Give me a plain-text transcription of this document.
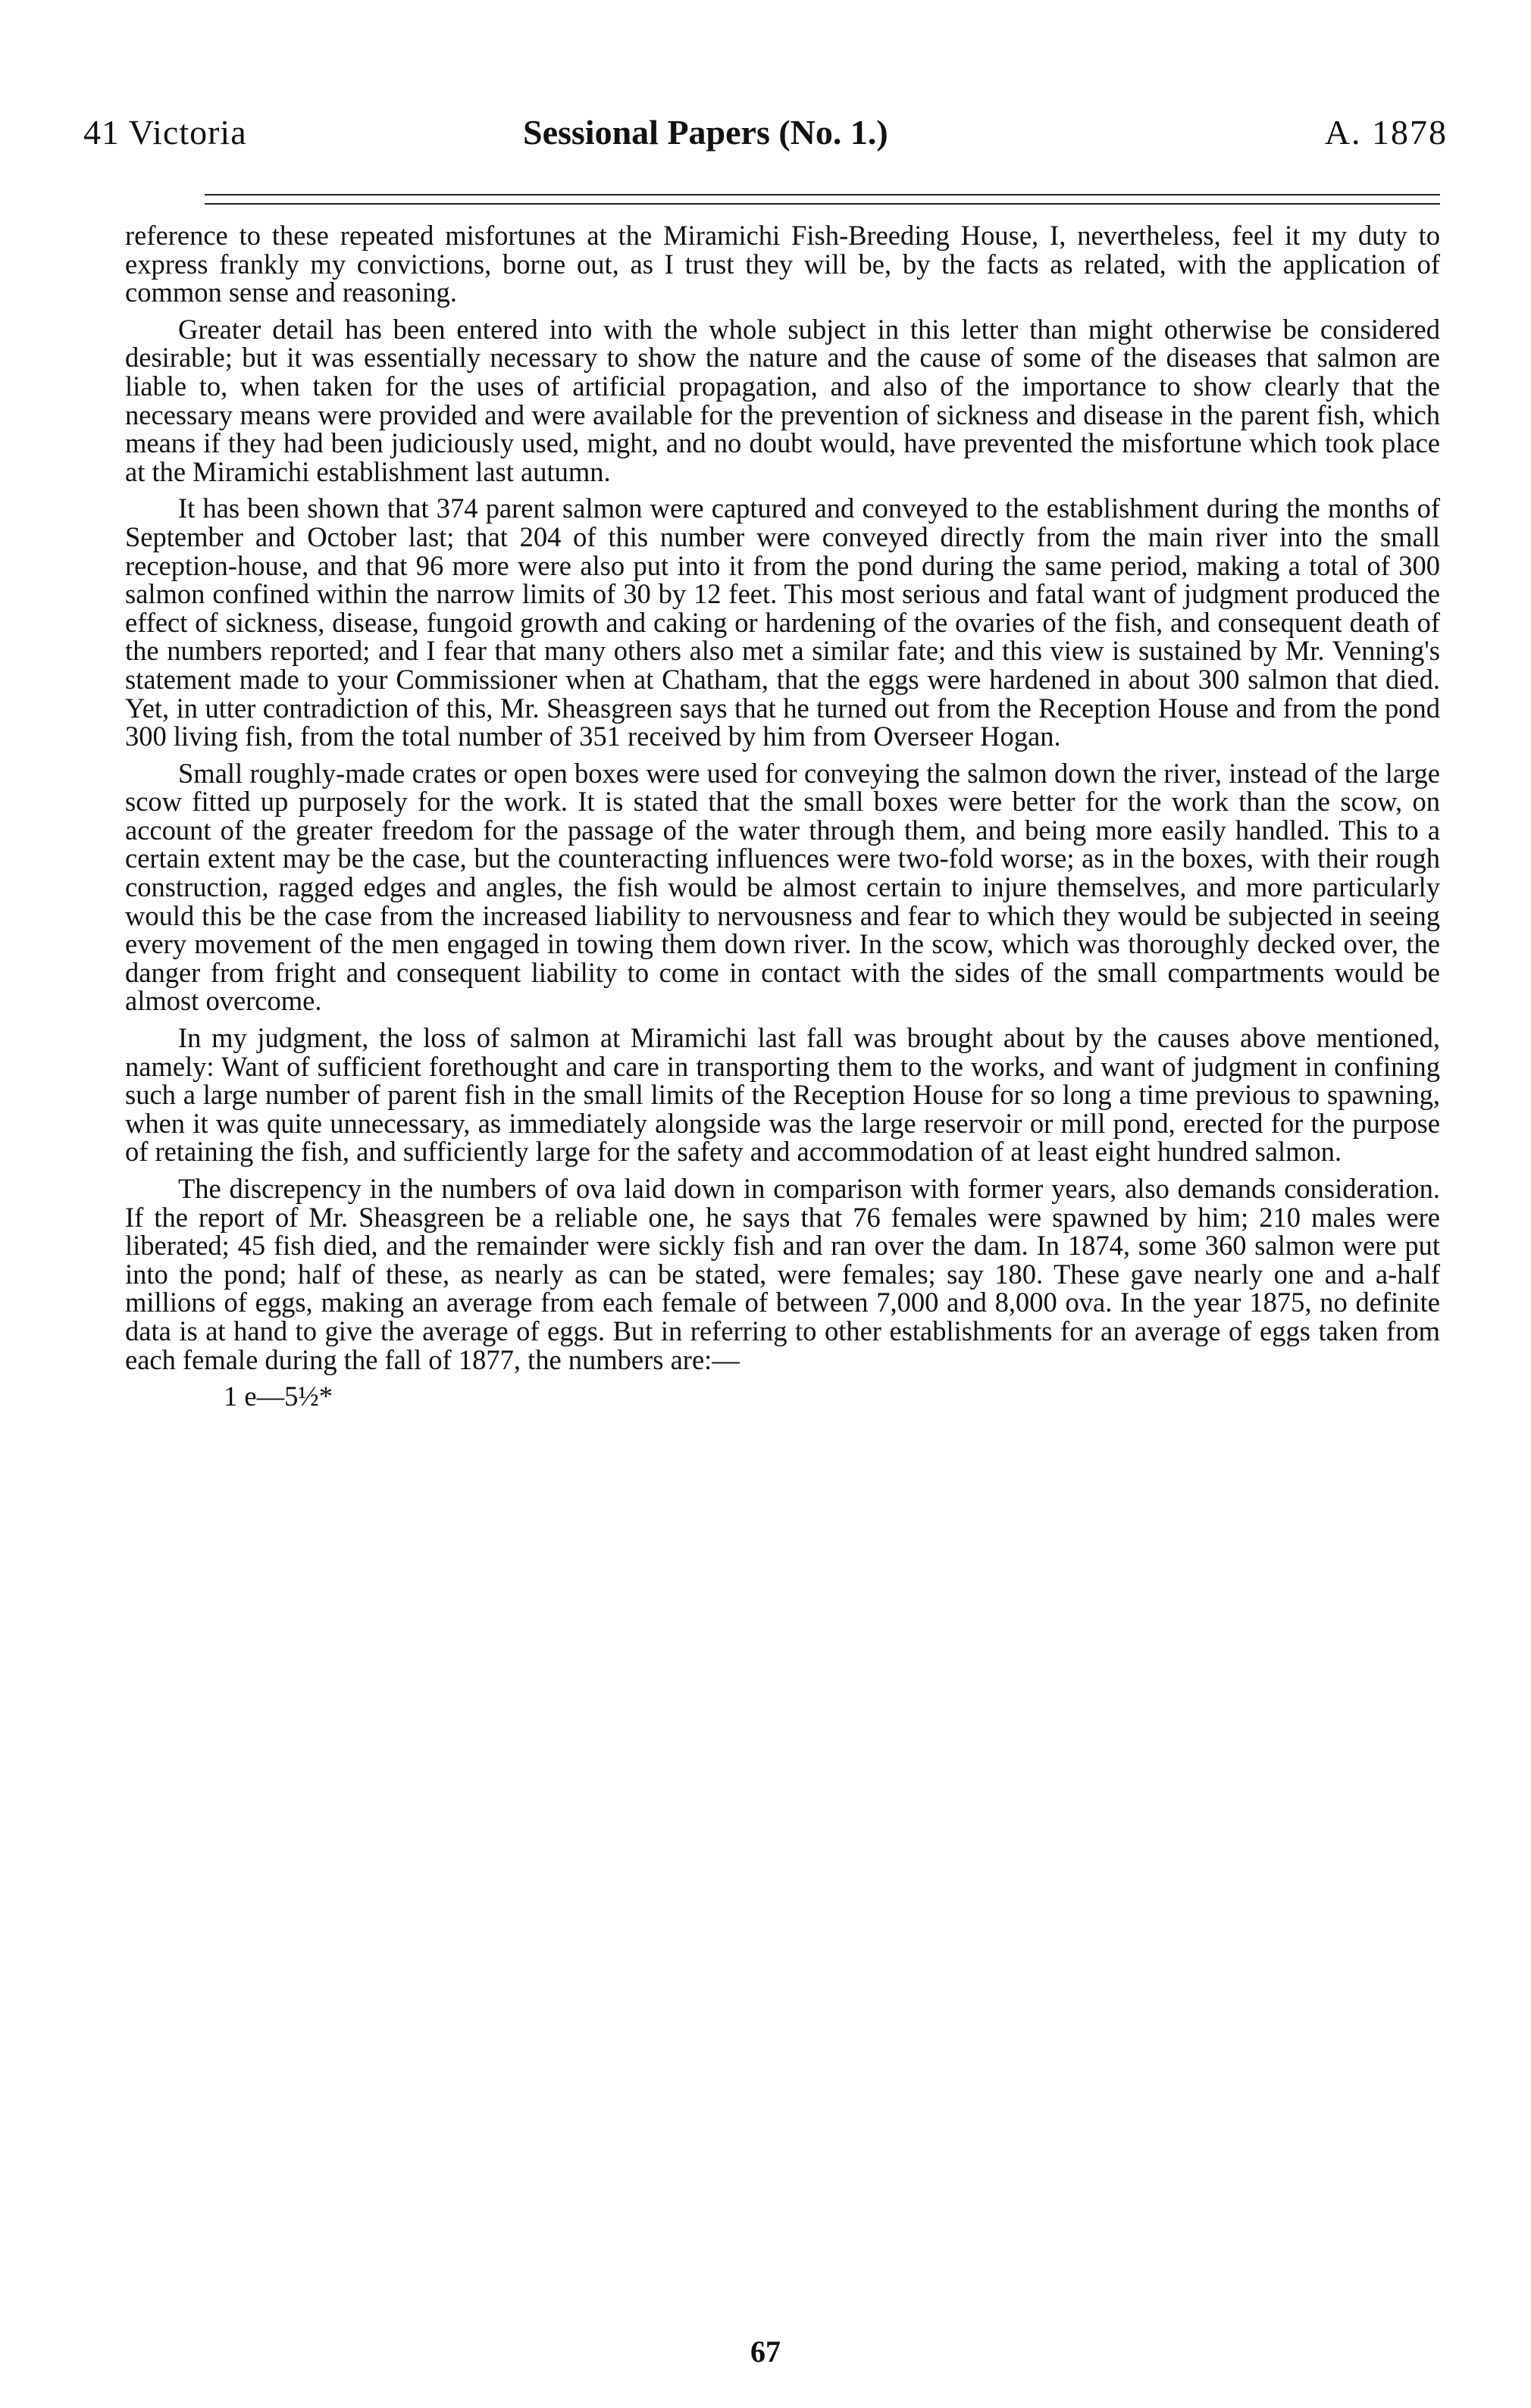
41 Victoria	Sessional Papers (No. 1.)	A. 1878

reference to these repeated misfortunes at the Miramichi Fish-Breeding House, I, nevertheless, feel it my duty to express frankly my convictions, borne out, as I trust they will be, by the facts as related, with the application of common sense and reasoning.

Greater detail has been entered into with the whole subject in this letter than might otherwise be considered desirable; but it was essentially necessary to show the nature and the cause of some of the diseases that salmon are liable to, when taken for the uses of artificial propagation, and also of the importance to show clearly that the necessary means were provided and were available for the prevention of sickness and disease in the parent fish, which means if they had been judiciously used, might, and no doubt would, have prevented the misfortune which took place at the Miramichi establishment last autumn.

It has been shown that 374 parent salmon were captured and conveyed to the establishment during the months of September and October last; that 204 of this number were conveyed directly from the main river into the small reception-house, and that 96 more were also put into it from the pond during the same period, making a total of 300 salmon confined within the narrow limits of 30 by 12 feet. This most serious and fatal want of judgment produced the effect of sickness, disease, fungoid growth and caking or hardening of the ovaries of the fish, and consequent death of the numbers reported; and I fear that many others also met a similar fate; and this view is sustained by Mr. Venning's statement made to your Commissioner when at Chatham, that the eggs were hardened in about 300 salmon that died. Yet, in utter contradiction of this, Mr. Sheasgreen says that he turned out from the Reception House and from the pond 300 living fish, from the total number of 351 received by him from Overseer Hogan.

Small roughly-made crates or open boxes were used for conveying the salmon down the river, instead of the large scow fitted up purposely for the work. It is stated that the small boxes were better for the work than the scow, on account of the greater freedom for the passage of the water through them, and being more easily handled. This to a certain extent may be the case, but the counteracting influences were two-fold worse; as in the boxes, with their rough construction, ragged edges and angles, the fish would be almost certain to injure themselves, and more particularly would this be the case from the increased liability to nervousness and fear to which they would be subjected in seeing every movement of the men engaged in towing them down river. In the scow, which was thoroughly decked over, the danger from fright and consequent liability to come in contact with the sides of the small compartments would be almost overcome.

In my judgment, the loss of salmon at Miramichi last fall was brought about by the causes above mentioned, namely: Want of sufficient forethought and care in transporting them to the works, and want of judgment in confining such a large number of parent fish in the small limits of the Reception House for so long a time previous to spawning, when it was quite unnecessary, as immediately alongside was the large reservoir or mill pond, erected for the purpose of retaining the fish, and sufficiently large for the safety and accommodation of at least eight hundred salmon.

The discrepency in the numbers of ova laid down in comparison with former years, also demands consideration. If the report of Mr. Sheasgreen be a reliable one, he says that 76 females were spawned by him; 210 males were liberated; 45 fish died, and the remainder were sickly fish and ran over the dam. In 1874, some 360 salmon were put into the pond; half of these, as nearly as can be stated, were females; say 180. These gave nearly one and a-half millions of eggs, making an average from each female of between 7,000 and 8,000 ova. In the year 1875, no definite data is at hand to give the average of eggs. But in referring to other establishments for an average of eggs taken from each female during the fall of 1877, the numbers are:—

1 e—5½*

67
